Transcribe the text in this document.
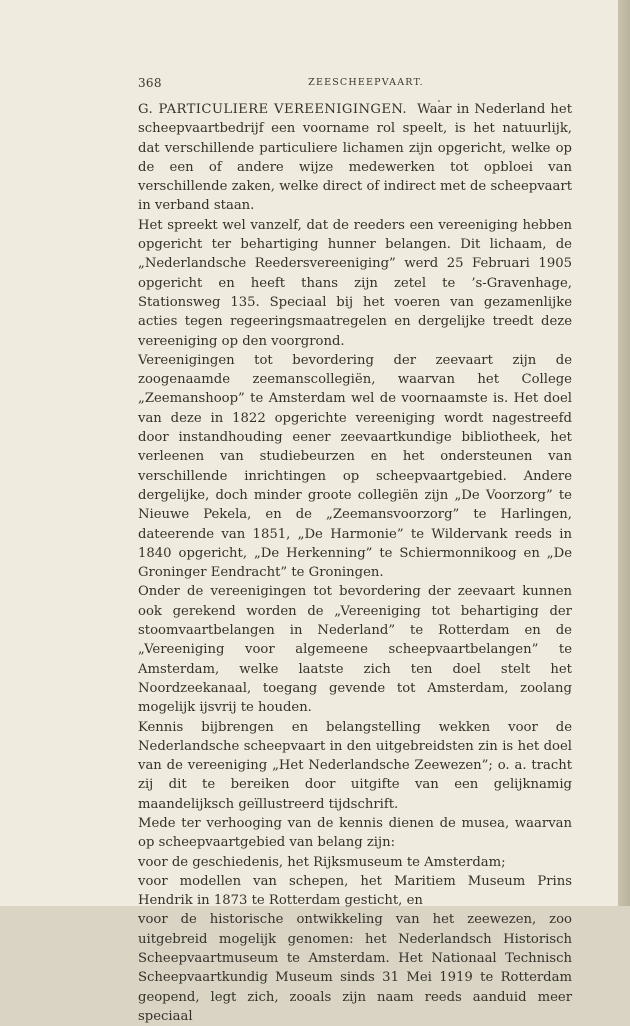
368	ZEESCHEEPVAART.

G. PARTICULIERE VEREENIGINGEN. Waar in Nederland het scheepvaartbedrijf een voorname rol speelt, is het natuurlijk, dat verschillende particuliere lichamen zijn opgericht, welke op de een of andere wijze medewerken tot opbloei van verschillende zaken, welke direct of indirect met de scheepvaart in verband staan.

Het spreekt wel vanzelf, dat de reeders een vereeniging hebben opgericht ter behartiging hunner belangen. Dit lichaam, de „Nederlandsche Reedersvereeniging” werd 25 Februari 1905 opgericht en heeft thans zijn zetel te ’s-Gravenhage, Stationsweg 135. Speciaal bij het voeren van gezamenlijke acties tegen regeeringsmaatregelen en dergelijke treedt deze vereeniging op den voorgrond.

Vereenigingen tot bevordering der zeevaart zijn de zoogenaamde zeemanscollegiën, waarvan het College „Zeemanshoop” te Amsterdam wel de voornaamste is. Het doel van deze in 1822 opgerichte vereeniging wordt nagestreefd door instandhouding eener zeevaartkundige bibliotheek, het verleenen van studiebeurzen en het ondersteunen van verschillende inrichtingen op scheepvaartgebied. Andere dergelijke, doch minder groote collegiën zijn „De Voorzorg” te Nieuwe Pekela, en de „Zeemansvoorzorg” te Harlingen, dateerende van 1851, „De Harmonie” te Wildervank reeds in 1840 opgericht, „De Herkenning” te Schiermonnikoog en „De Groninger Eendracht” te Groningen.

Onder de vereenigingen tot bevordering der zeevaart kunnen ook gerekend worden de „Vereeniging tot behartiging der stoomvaartbelangen in Nederland” te Rotterdam en de „Vereeniging voor algemeene scheepvaartbelangen” te Amsterdam, welke laatste zich ten doel stelt het Noordzeekanaal, toegang gevende tot Amsterdam, zoolang mogelijk ijsvrij te houden.

Kennis bijbrengen en belangstelling wekken voor de Nederlandsche scheepvaart in den uitgebreidsten zin is het doel van de vereeniging „Het Nederlandsche Zeewezen”; o. a. tracht zij dit te bereiken door uitgifte van een gelijknamig maandelijksch geïllustreerd tijdschrift.

Mede ter verhooging van de kennis dienen de musea, waarvan op scheepvaartgebied van belang zijn:

voor de geschiedenis, het Rijksmuseum te Amsterdam;

voor modellen van schepen, het Maritiem Museum Prins Hendrik in 1873 te Rotterdam gesticht, en

voor de historische ontwikkeling van het zeewezen, zoo uitgebreid mogelijk genomen: het Nederlandsch Historisch Scheepvaartmuseum te Amsterdam. Het Nationaal Technisch Scheepvaartkundig Museum sinds 31 Mei 1919 te Rotterdam geopend, legt zich, zooals zijn naam reeds aanduid meer speciaal
